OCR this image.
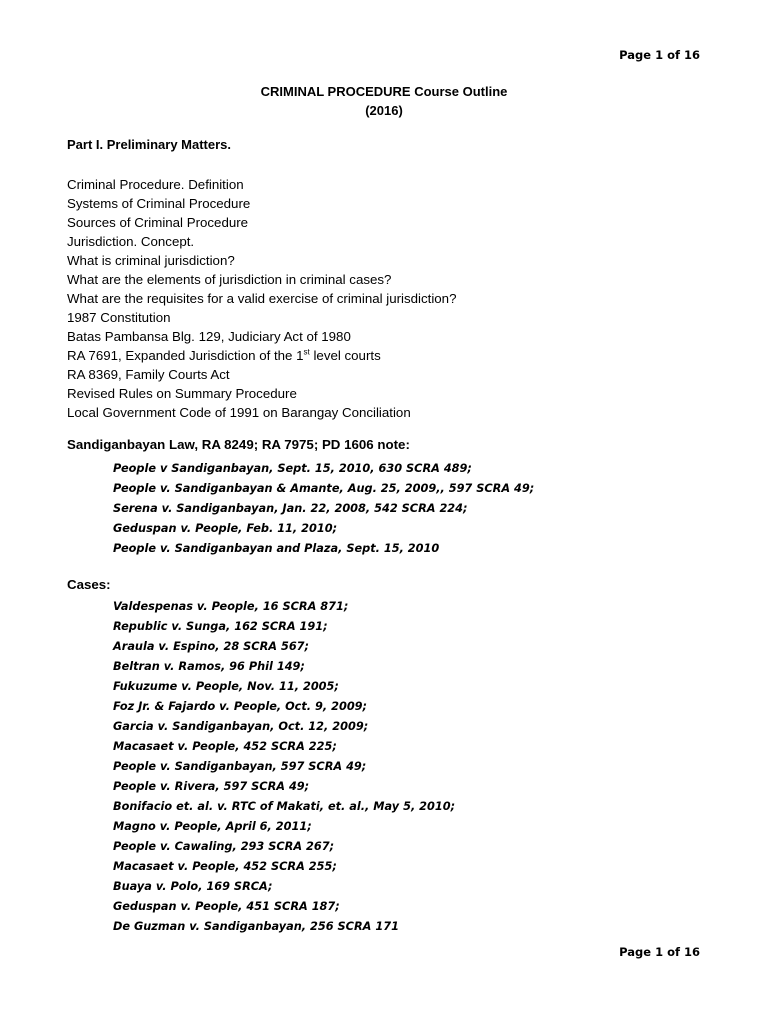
Page 1 of 16
CRIMINAL PROCEDURE Course Outline
(2016)
Part I. Preliminary Matters.
Criminal Procedure. Definition
Systems of Criminal Procedure
Sources of Criminal Procedure
Jurisdiction. Concept.
What is criminal jurisdiction?
What are the elements of jurisdiction in criminal cases?
What are the requisites for a valid exercise of criminal jurisdiction?
1987 Constitution
Batas Pambansa Blg. 129, Judiciary Act of 1980
RA 7691, Expanded Jurisdiction of the 1st level courts
RA 8369, Family Courts Act
Revised Rules on Summary Procedure
Local Government Code of 1991 on Barangay Conciliation
Sandiganbayan Law, RA 8249; RA 7975; PD 1606 note:
People v Sandiganbayan, Sept. 15, 2010, 630 SCRA 489;
People v. Sandiganbayan & Amante, Aug. 25, 2009,, 597 SCRA 49;
Serena v. Sandiganbayan, Jan. 22, 2008, 542 SCRA 224;
Geduspan v. People, Feb. 11, 2010;
People v. Sandiganbayan and Plaza, Sept. 15, 2010
Cases:
Valdespenas v. People, 16 SCRA 871;
Republic v. Sunga, 162 SCRA 191;
Araula v. Espino, 28 SCRA 567;
Beltran v. Ramos, 96 Phil 149;
Fukuzume v. People, Nov. 11, 2005;
Foz Jr. & Fajardo v. People, Oct. 9, 2009;
Garcia v. Sandiganbayan, Oct. 12, 2009;
Macasaet v. People, 452 SCRA 225;
People v. Sandiganbayan, 597 SCRA 49;
People v. Rivera, 597 SCRA 49;
Bonifacio et. al. v. RTC of Makati, et. al., May 5, 2010;
Magno v. People, April 6, 2011;
People v. Cawaling, 293 SCRA 267;
Macasaet v. People, 452 SCRA 255;
Buaya v. Polo, 169 SRCA;
Geduspan v. People, 451 SCRA 187;
De Guzman v. Sandiganbayan, 256 SCRA 171
Page 1 of 16
